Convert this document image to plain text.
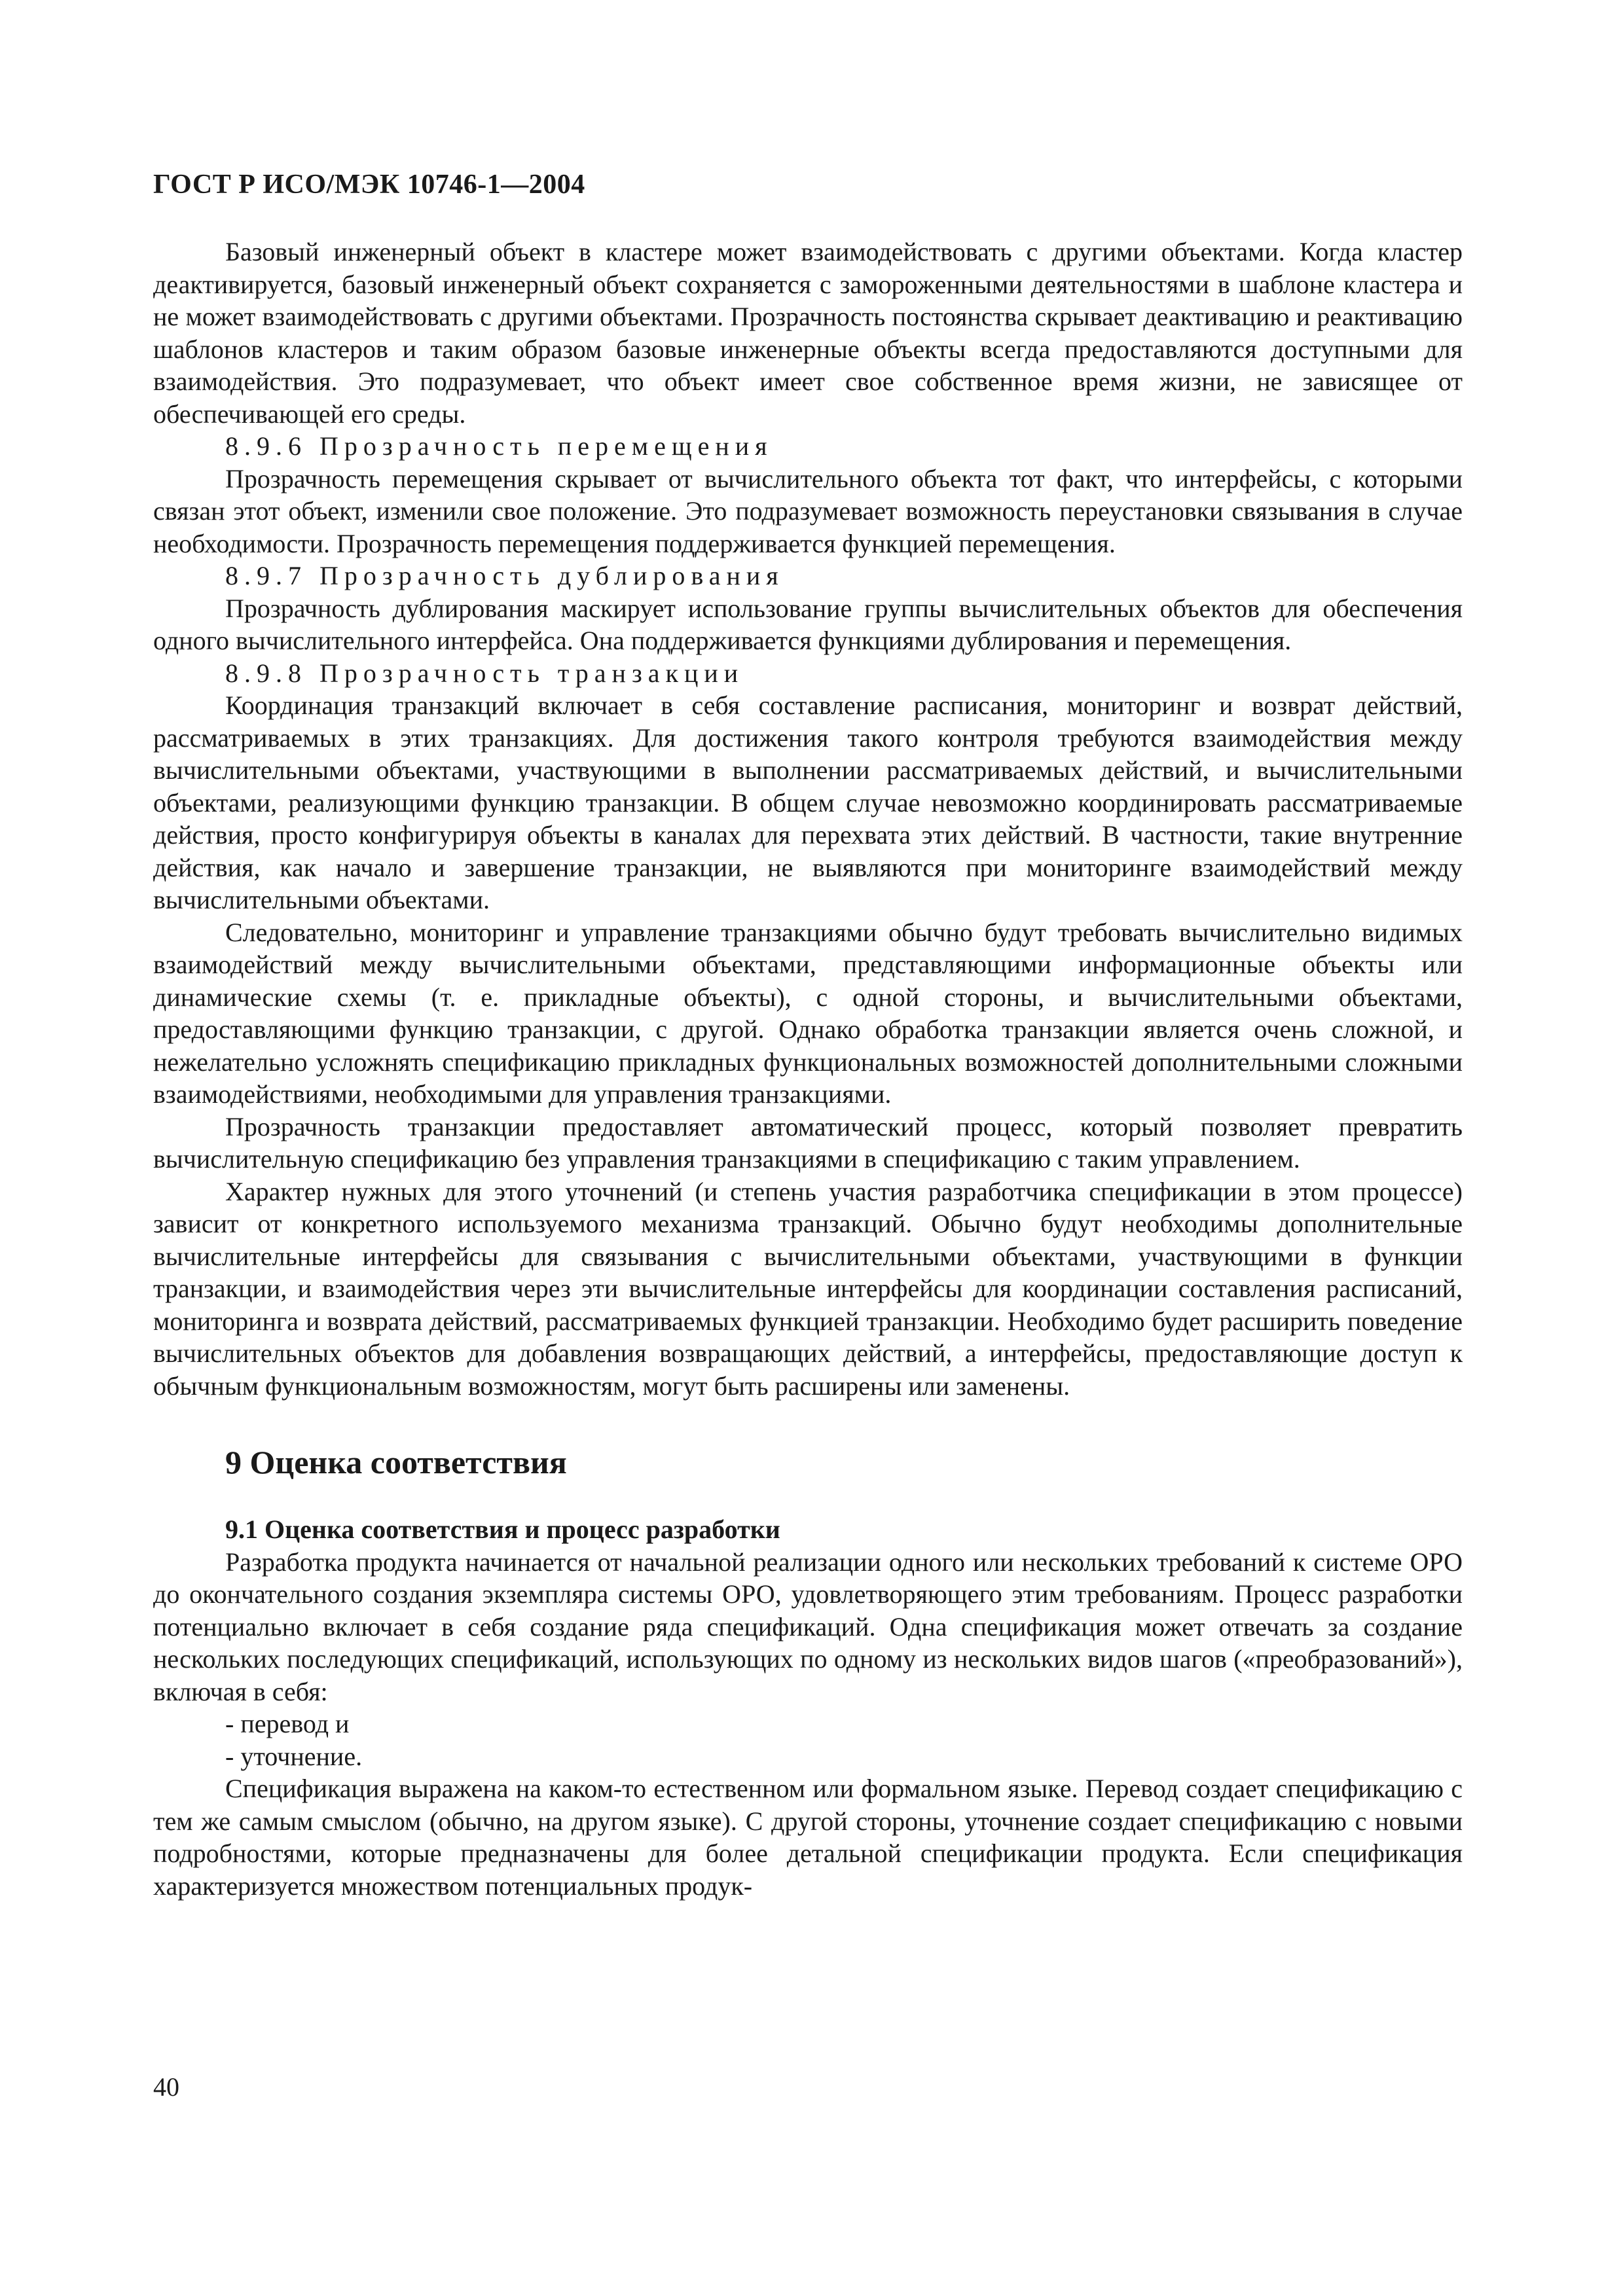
ГОСТ Р ИСО/МЭК 10746-1—2004

Базовый инженерный объект в кластере может взаимодействовать с другими объектами. Когда кластер деактивируется, базовый инженерный объект сохраняется с замороженными деятельностями в шаблоне кластера и не может взаимодействовать с другими объектами. Прозрачность постоянства скрывает деактивацию и реактивацию шаблонов кластеров и таким образом базовые инженерные объекты всегда предоставляются доступными для взаимодействия. Это подразумевает, что объект имеет свое собственное время жизни, не зависящее от обеспечивающей его среды.

8.9.6 Прозрачность перемещения

Прозрачность перемещения скрывает от вычислительного объекта тот факт, что интерфейсы, с которыми связан этот объект, изменили свое положение. Это подразумевает возможность переустановки связывания в случае необходимости. Прозрачность перемещения поддерживается функцией перемещения.

8.9.7 Прозрачность дублирования

Прозрачность дублирования маскирует использование группы вычислительных объектов для обеспечения одного вычислительного интерфейса. Она поддерживается функциями дублирования и перемещения.

8.9.8 Прозрачность транзакции

Координация транзакций включает в себя составление расписания, мониторинг и возврат действий, рассматриваемых в этих транзакциях. Для достижения такого контроля требуются взаимодействия между вычислительными объектами, участвующими в выполнении рассматриваемых действий, и вычислительными объектами, реализующими функцию транзакции. В общем случае невозможно координировать рассматриваемые действия, просто конфигурируя объекты в каналах для перехвата этих действий. В частности, такие внутренние действия, как начало и завершение транзакции, не выявляются при мониторинге взаимодействий между вычислительными объектами.

Следовательно, мониторинг и управление транзакциями обычно будут требовать вычислительно видимых взаимодействий между вычислительными объектами, представляющими информационные объекты или динамические схемы (т. е. прикладные объекты), с одной стороны, и вычислительными объектами, предоставляющими функцию транзакции, с другой. Однако обработка транзакции является очень сложной, и нежелательно усложнять спецификацию прикладных функциональных возможностей дополнительными сложными взаимодействиями, необходимыми для управления транзакциями.

Прозрачность транзакции предоставляет автоматический процесс, который позволяет превратить вычислительную спецификацию без управления транзакциями в спецификацию с таким управлением.

Характер нужных для этого уточнений (и степень участия разработчика спецификации в этом процессе) зависит от конкретного используемого механизма транзакций. Обычно будут необходимы дополнительные вычислительные интерфейсы для связывания с вычислительными объектами, участвующими в функции транзакции, и взаимодействия через эти вычислительные интерфейсы для координации составления расписаний, мониторинга и возврата действий, рассматриваемых функцией транзакции. Необходимо будет расширить поведение вычислительных объектов для добавления возвращающих действий, а интерфейсы, предоставляющие доступ к обычным функциональным возможностям, могут быть расширены или заменены.

9 Оценка соответствия
9.1 Оценка соответствия и процесс разработки

Разработка продукта начинается от начальной реализации одного или нескольких требований к системе ОРО до окончательного создания экземпляра системы ОРО, удовлетворяющего этим требованиям. Процесс разработки потенциально включает в себя создание ряда спецификаций. Одна спецификация может отвечать за создание нескольких последующих спецификаций, использующих по одному из нескольких видов шагов («преобразований»), включая в себя:

- перевод и
- уточнение.

Спецификация выражена на каком-то естественном или формальном языке. Перевод создает спецификацию с тем же самым смыслом (обычно, на другом языке). С другой стороны, уточнение создает спецификацию с новыми подробностями, которые предназначены для более детальной спецификации продукта. Если спецификация характеризуется множеством потенциальных продук-

40
